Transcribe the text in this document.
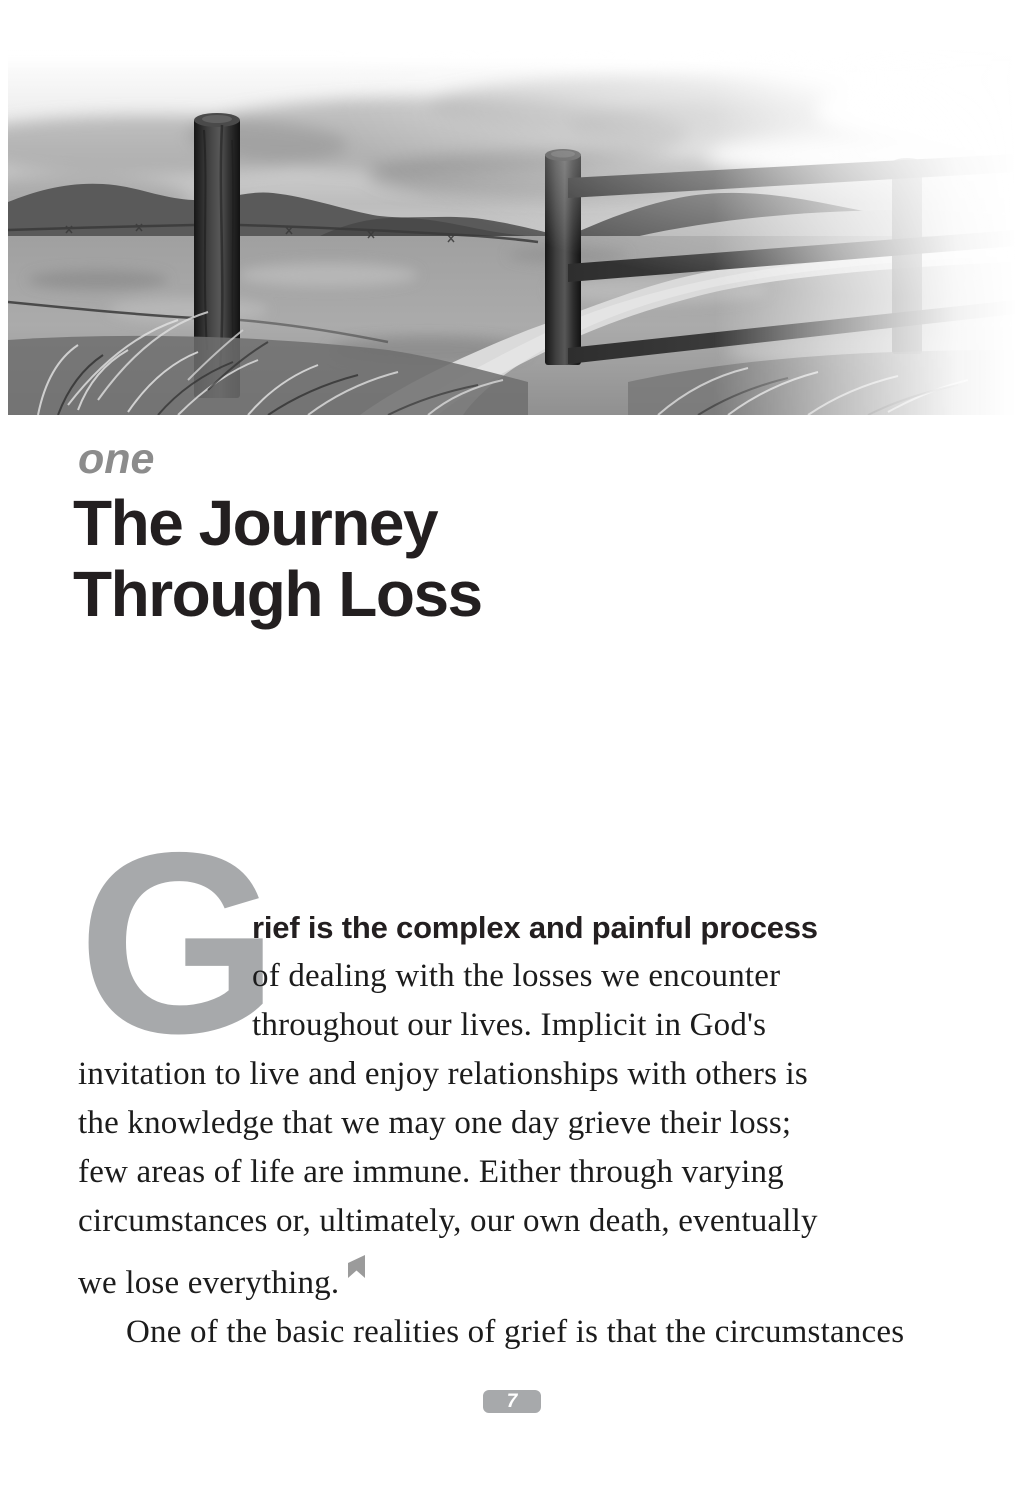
one
The Journey
Through Loss
G
rief is the complex and painful process
of dealing with the losses we encounter
throughout our lives. Implicit in God's
invitation to live and enjoy relationships with others is
the knowledge that we may one day grieve their loss;
few areas of life are immune. Either through varying
circumstances or, ultimately, our own death, eventually
we lose everything.
One of the basic realities of grief is that the circumstances
7
